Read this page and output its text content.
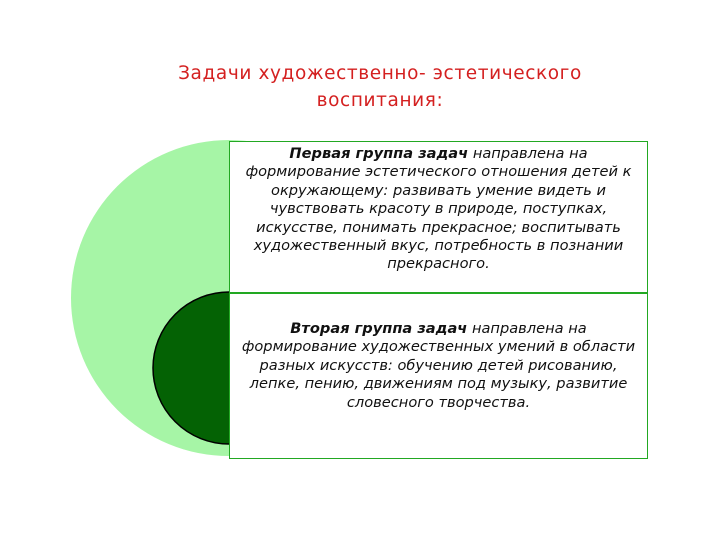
Задачи художественно- эстетического воспитания:
Первая группа задач направлена на формирование эстетического отношения детей к окружающему: развивать умение видеть и чувствовать красоту в природе, поступках, искусстве, понимать прекрасное; воспитывать художественный вкус, потребность в познании прекрасного.
Вторая группа задач направлена на формирование художественных умений в области разных искусств: обучению детей рисованию, лепке, пению, движениям под музыку, развитие словесного творчества.
